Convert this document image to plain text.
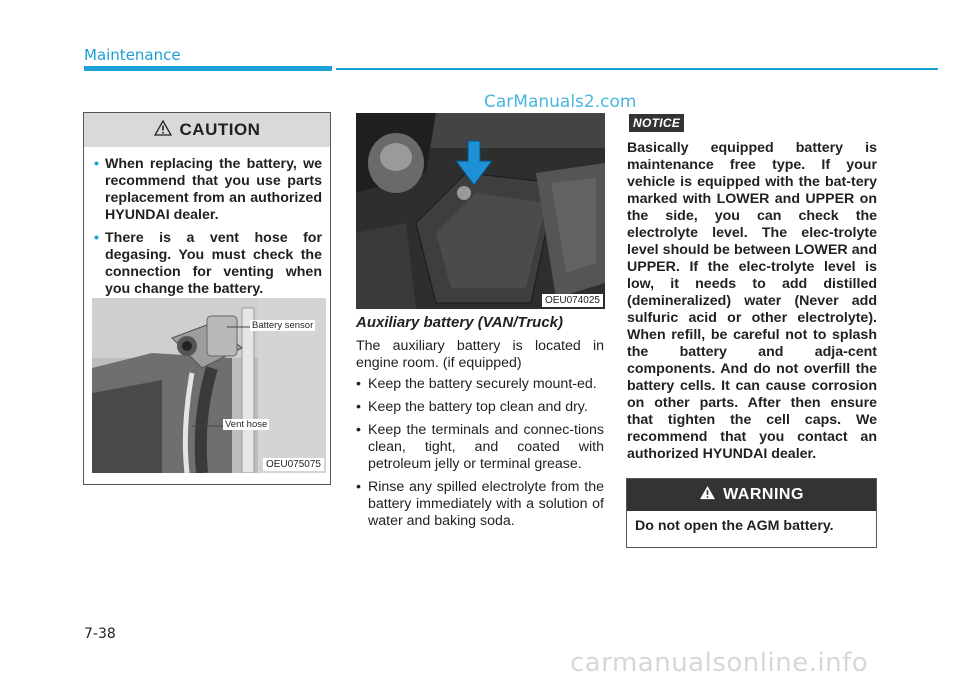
Maintenance
CarManuals2.com
CAUTION
• When replacing the battery, we recommend that you use parts replacement from an authorized HYUNDAI dealer.
• There is a vent hose for degasing. You must check the connection for venting when you change the battery.
Battery sensor
Vent hose
OEU075075
OEU074025
Auxiliary battery (VAN/Truck)

The auxiliary battery is located in engine room. (if equipped)

• Keep the battery securely mount-ed.
• Keep the battery top clean and dry.
• Keep the terminals and connec-tions clean, tight, and coated with petroleum jelly or terminal grease.
• Rinse any spilled electrolyte from the battery immediately with a solution of water and baking soda.
NOTICE

Basically equipped battery is maintenance free type. If your vehicle is equipped with the bat-tery marked with LOWER and UPPER on the side, you can check the electrolyte level. The elec-trolyte level should be between LOWER and UPPER. If the elec-trolyte level is low, it needs to add distilled (demineralized) water (Never add sulfuric acid or other electrolyte). When refill, be careful not to splash the battery and adja-cent components. And do not overfill the battery cells. It can cause corrosion on other parts. After then ensure that tighten the cell caps. We recommend that you contact an authorized HYUNDAI dealer.

WARNING
Do not open the AGM battery.
7-38
carmanualsonline.info
